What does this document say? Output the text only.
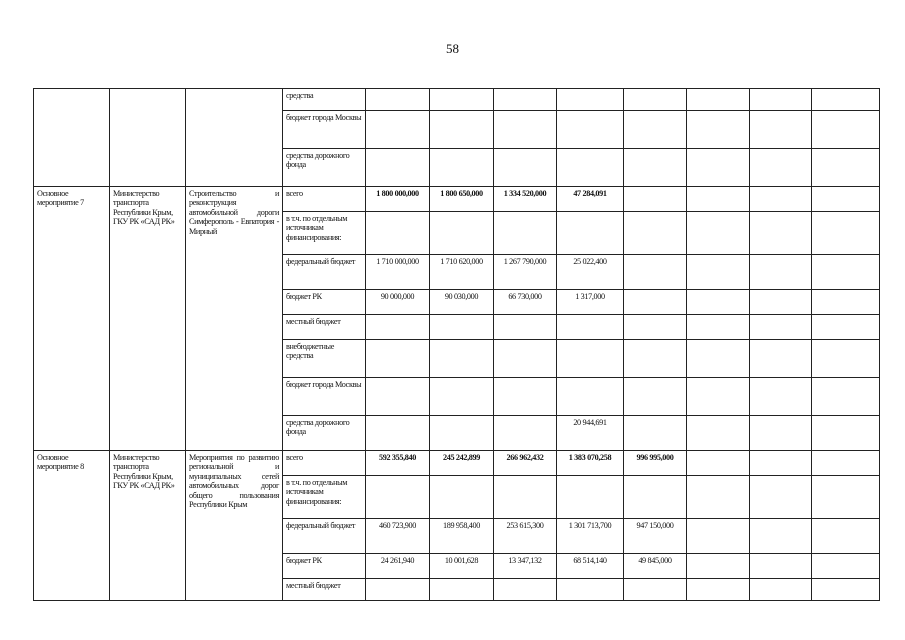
58
			средства									
			бюджет города Москвы									
			средства дорожного фонда									
Основное мероприятие 7	Министерство транспорта Республики Крым, ГКУ РК «САД РК»	Строительство и реконструкция автомобильной дороги Симферополь - Евпатория - Мирный	всего	1 800 000,000	1 800 650,000	1 334 520,000	47 284,091					
			в т.ч. по отдельным источникам финансирования:									
			федеральный бюджет	1 710 000,000	1 710 620,000	1 267 790,000	25 022,400					
			бюджет РК	90 000,000	90 030,000	66 730,000	1 317,000					
			местный бюджет									
			внебюджетные средства									
			бюджет города Москвы									
			средства дорожного фонда				20 944,691					
Основное мероприятие 8	Министерство транспорта Республики Крым, ГКУ РК «САД РК»	Мероприятия по развитию региональной и муниципальных сетей автомобильных дорог общего пользования Республики Крым	всего	592 355,840	245 242,899	266 962,432	1 383 070,258	996 995,000				
			в т.ч. по отдельным источникам финансирования:									
			федеральный бюджет	460 723,900	189 958,400	253 615,300	1 301 713,700	947 150,000				
			бюджет РК	24 261,940	10 001,628	13 347,132	68 514,140	49 845,000				
			местный бюджет									
